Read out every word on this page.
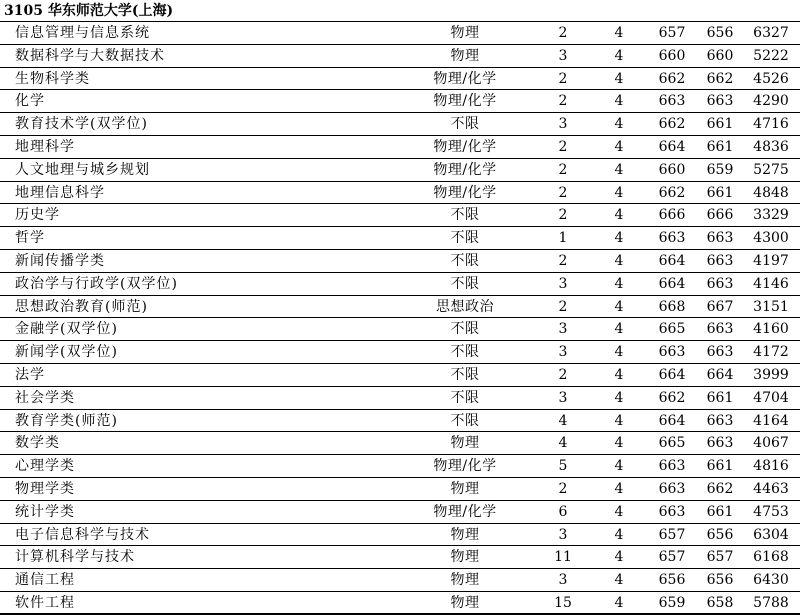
3105 华东师范大学(上海)
信息管理与信息系统	物理	2	4	657	656	6327
数据科学与大数据技术	物理	3	4	660	660	5222
生物科学类	物理/化学	2	4	662	662	4526
化学	物理/化学	2	4	663	663	4290
教育技术学(双学位)	不限	3	4	662	661	4716
地理科学	物理/化学	2	4	664	661	4836
人文地理与城乡规划	物理/化学	2	4	660	659	5275
地理信息科学	物理/化学	2	4	662	661	4848
历史学	不限	2	4	666	666	3329
哲学	不限	1	4	663	663	4300
新闻传播学类	不限	2	4	664	663	4197
政治学与行政学(双学位)	不限	3	4	664	663	4146
思想政治教育(师范)	思想政治	2	4	668	667	3151
金融学(双学位)	不限	3	4	665	663	4160
新闻学(双学位)	不限	3	4	663	663	4172
法学	不限	2	4	664	664	3999
社会学类	不限	3	4	662	661	4704
教育学类(师范)	不限	4	4	664	663	4164
数学类	物理	4	4	665	663	4067
心理学类	物理/化学	5	4	663	661	4816
物理学类	物理	2	4	663	662	4463
统计学类	物理/化学	6	4	663	661	4753
电子信息科学与技术	物理	3	4	657	656	6304
计算机科学与技术	物理	11	4	657	657	6168
通信工程	物理	3	4	656	656	6430
软件工程	物理	15	4	659	658	5788
